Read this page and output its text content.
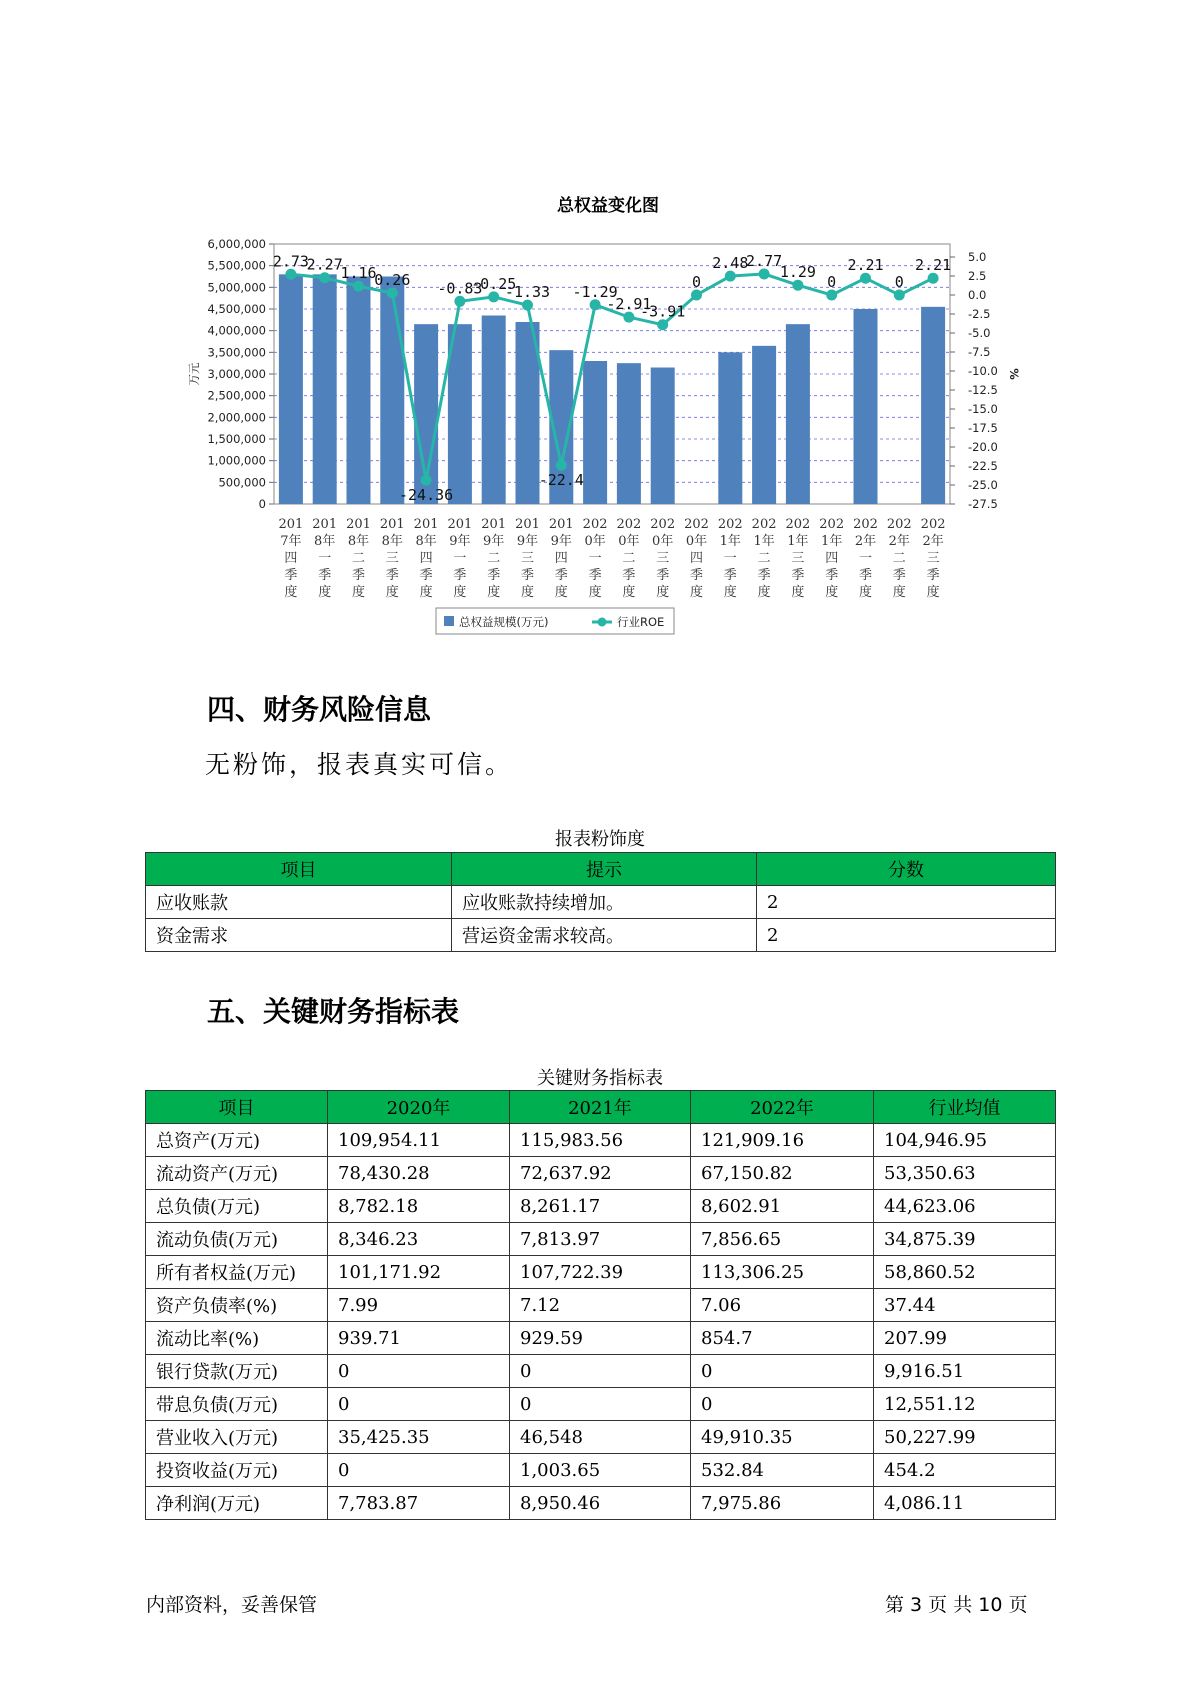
总权益变化图
6,000,000
5,500,000
5,000,000
4,500,000
4,000,000
3,500,000
3,000,000
2,500,000
2,000,000
1,500,000
1,000,000
500,000
0
5.0
2.5
0.0
-2.5
-5.0
-7.5
-10.0
-12.5
-15.0
-17.5
-20.0
-22.5
-25.0
-27.5
万元	%
2.73
2.27
1.16
0.26
-24.36
-0.83
-0.25
-1.33
-22.4
-1.29
-2.91
-3.91
0
2.48
2.77
1.29
0
2.21
0
2.21
201 7年四季度
201 8年一季度
201 8年二季度
201 8年三季度
201 8年四季度
201 9年一季度
201 9年二季度
201 9年三季度
201 9年四季度
202 0年一季度
202 0年二季度
202 0年三季度
202 0年四季度
202 1年一季度
202 1年二季度
202 1年三季度
202 1年四季度
202 2年一季度
202 2年二季度
202 2年三季度
总权益规模(万元)	行业ROE
四、财务风险信息

无粉饰，报表真实可信。

报表粉饰度
项目	提示	分数
应收账款	应收账款持续增加。	2
资金需求	营运资金需求较高。	2
五、关键财务指标表
关键财务指标表
项目	2020年	2021年	2022年	行业均值
总资产(万元)	109,954.11	115,983.56	121,909.16	104,946.95
流动资产(万元)	78,430.28	72,637.92	67,150.82	53,350.63
总负债(万元)	8,782.18	8,261.17	8,602.91	44,623.06
流动负债(万元)	8,346.23	7,813.97	7,856.65	34,875.39
所有者权益(万元)	101,171.92	107,722.39	113,306.25	58,860.52
资产负债率(%)	7.99	7.12	7.06	37.44
流动比率(%)	939.71	929.59	854.7	207.99
银行贷款(万元)	0	0	0	9,916.51
带息负债(万元)	0	0	0	12,551.12
营业收入(万元)	35,425.35	46,548	49,910.35	50,227.99
投资收益(万元)	0	1,003.65	532.84	454.2
净利润(万元)	7,783.87	8,950.46	7,975.86	4,086.11
内部资料，妥善保管	第 3 页 共 10 页
